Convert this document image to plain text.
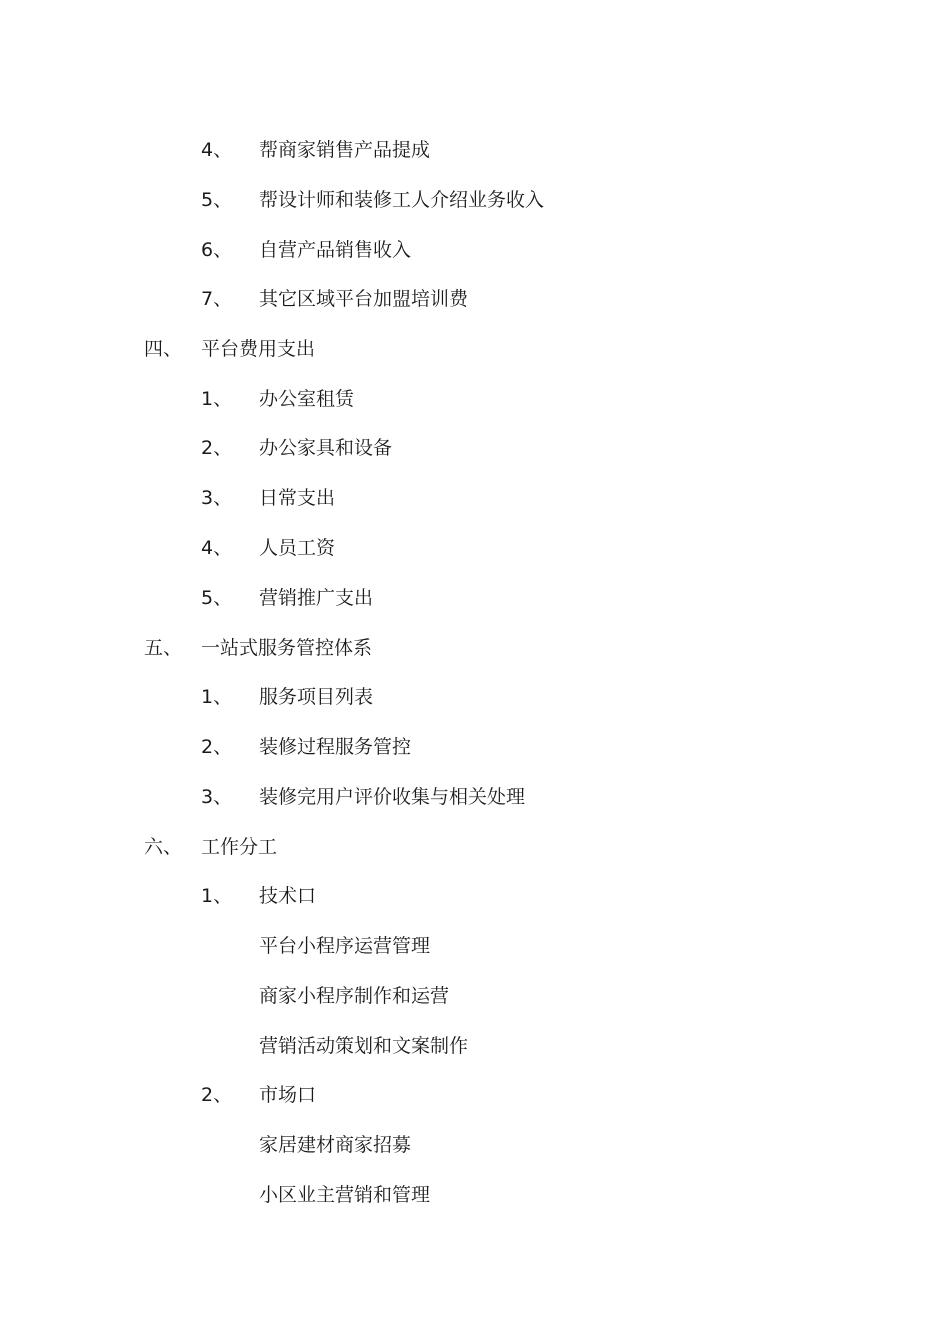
4、 帮商家销售产品提成
5、 帮设计师和装修工人介绍业务收入
6、 自营产品销售收入
7、 其它区域平台加盟培训费
四、 平台费用支出
1、 办公室租赁
2、 办公家具和设备
3、 日常支出
4、 人员工资
5、 营销推广支出
五、 一站式服务管控体系
1、 服务项目列表
2、 装修过程服务管控
3、 装修完用户评价收集与相关处理
六、 工作分工
1、 技术口
平台小程序运营管理
商家小程序制作和运营
营销活动策划和文案制作
2、 市场口
家居建材商家招募
小区业主营销和管理
